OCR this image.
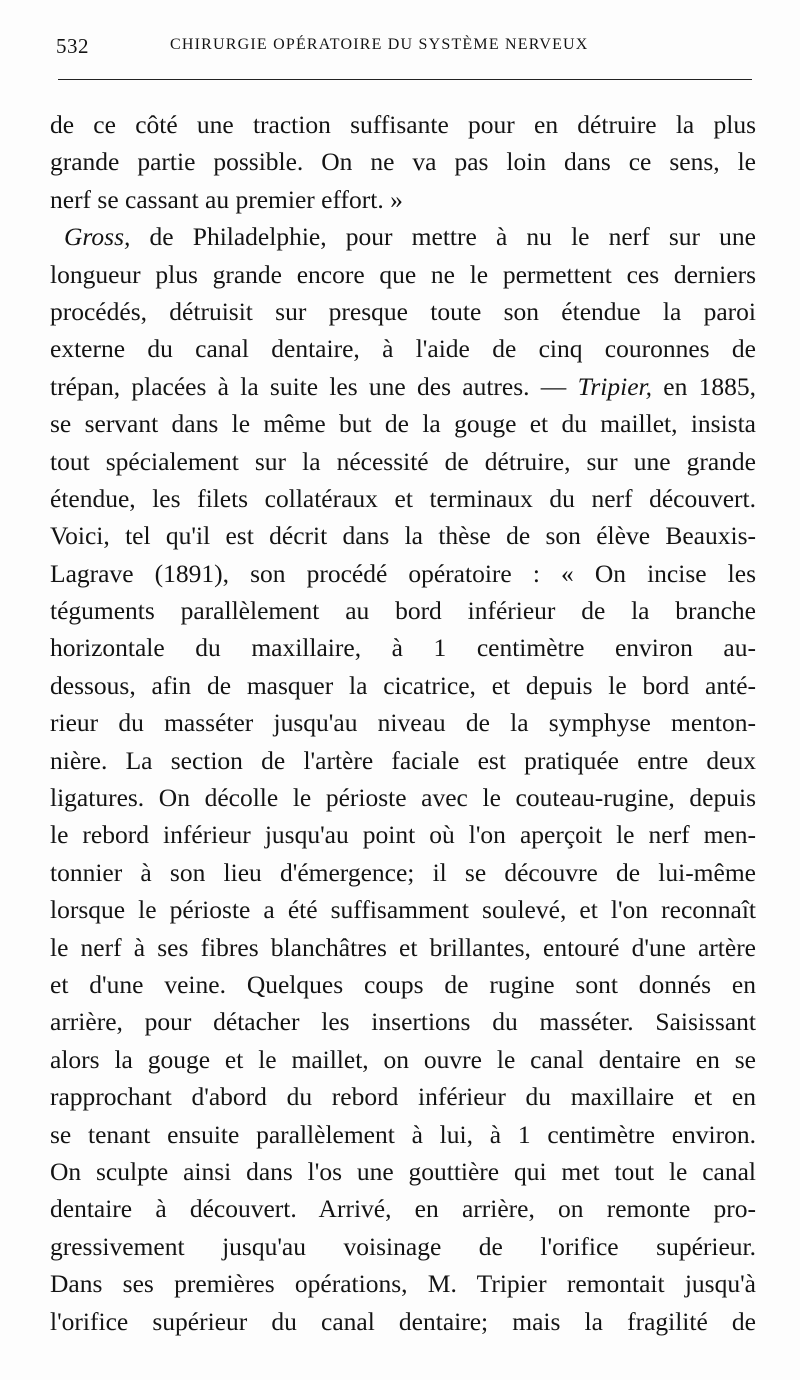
532	CHIRURGIE OPÉRATOIRE DU SYSTÈME NERVEUX
de ce côté une traction suffisante pour en détruire la plus
grande partie possible. On ne va pas loin dans ce sens, le
nerf se cassant au premier effort. »
Gross, de Philadelphie, pour mettre à nu le nerf sur une
longueur plus grande encore que ne le permettent ces derniers
procédés, détruisit sur presque toute son étendue la paroi
externe du canal dentaire, à l'aide de cinq couronnes de
trépan, placées à la suite les une des autres. — Tripier, en 1885,
se servant dans le même but de la gouge et du maillet, insista
tout spécialement sur la nécessité de détruire, sur une grande
étendue, les filets collatéraux et terminaux du nerf découvert.
Voici, tel qu'il est décrit dans la thèse de son élève Beauxis-
Lagrave (1891), son procédé opératoire : « On incise les
téguments parallèlement au bord inférieur de la branche
horizontale du maxillaire, à 1 centimètre environ au-
dessous, afin de masquer la cicatrice, et depuis le bord anté-
rieur du masséter jusqu'au niveau de la symphyse menton-
nière. La section de l'artère faciale est pratiquée entre deux
ligatures. On décolle le périoste avec le couteau-rugine, depuis
le rebord inférieur jusqu'au point où l'on aperçoit le nerf men-
tonnier à son lieu d'émergence; il se découvre de lui-même
lorsque le périoste a été suffisamment soulevé, et l'on reconnaît
le nerf à ses fibres blanchâtres et brillantes, entouré d'une artère
et d'une veine. Quelques coups de rugine sont donnés en
arrière, pour détacher les insertions du masséter. Saisissant
alors la gouge et le maillet, on ouvre le canal dentaire en se
rapprochant d'abord du rebord inférieur du maxillaire et en
se tenant ensuite parallèlement à lui, à 1 centimètre environ.
On sculpte ainsi dans l'os une gouttière qui met tout le canal
dentaire à découvert. Arrivé, en arrière, on remonte pro-
gressivement jusqu'au voisinage de l'orifice supérieur.
Dans ses premières opérations, M. Tripier remontait jusqu'à
l'orifice supérieur du canal dentaire; mais la fragilité de
